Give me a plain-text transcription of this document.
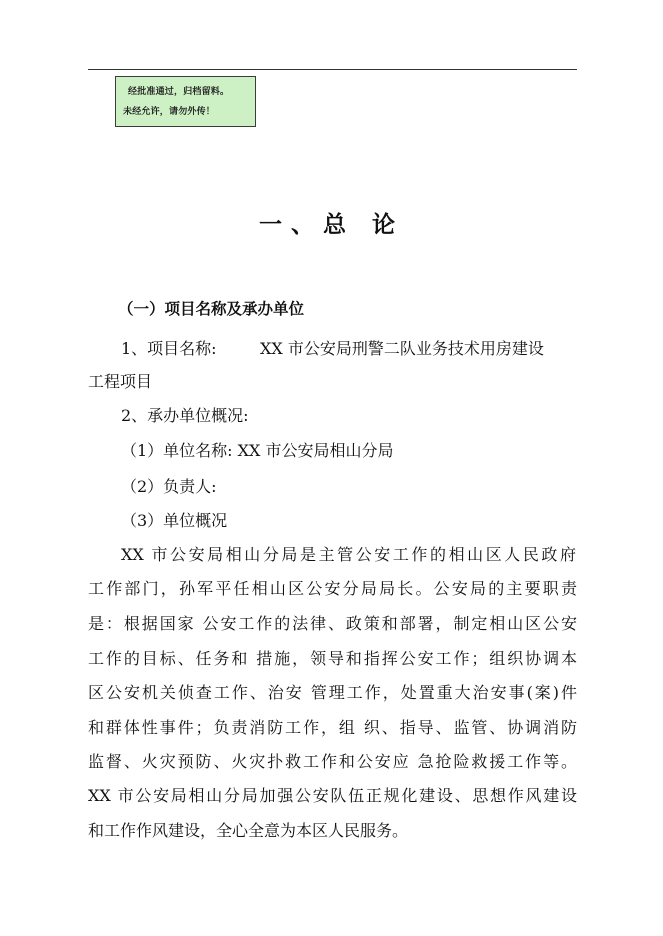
经批准通过，归档留料。
未经允许，请勿外传！
一、总 论
（一）项目名称及承办单位
1、项目名称:	XX 市公安局刑警二队业务技术用房建设
工程项目
2、承办单位概况:
（1）单位名称: XX 市公安局相山分局
（2）负责人:
（3）单位概况
XX 市公安局相山分局是主管公安工作的相山区人民政府
工作部门，孙军平任相山区公安分局局长。公安局的主要职责
是：根据国家 公安工作的法律、政策和部署，制定相山区公安
工作的目标、任务和 措施，领导和指挥公安工作；组织协调本
区公安机关侦查工作、治安 管理工作，处置重大治安事(案)件
和群体性事件；负责消防工作，组 织、指导、监管、协调消防
监督、火灾预防、火灾扑救工作和公安应 急抢险救援工作等。
XX 市公安局相山分局加强公安队伍正规化建设、思想作风建设
和工作作风建设，全心全意为本区人民服务。
